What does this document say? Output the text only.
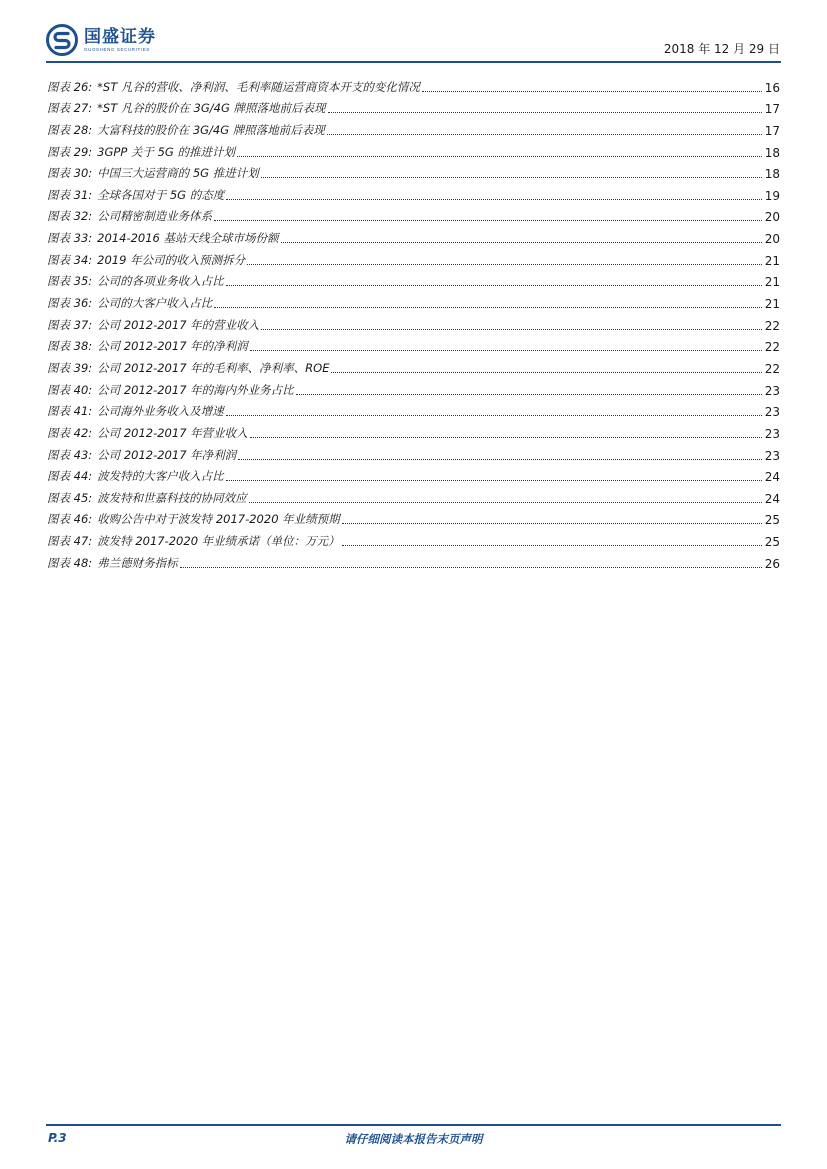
国盛证券
GUOSHENG SECURITIES	2018 年 12 月 29 日
图表 26: *ST 凡谷的营收、净利润、毛利率随运营商资本开支的变化情况	16
图表 27: *ST 凡谷的股价在 3G/4G 牌照落地前后表现	17
图表 28: 大富科技的股价在 3G/4G 牌照落地前后表现	17
图表 29: 3GPP 关于 5G 的推进计划	18
图表 30: 中国三大运营商的 5G 推进计划	18
图表 31: 全球各国对于 5G 的态度	19
图表 32: 公司精密制造业务体系	20
图表 33: 2014-2016 基站天线全球市场份额	20
图表 34: 2019 年公司的收入预测拆分	21
图表 35: 公司的各项业务收入占比	21
图表 36: 公司的大客户收入占比	21
图表 37: 公司 2012-2017 年的营业收入	22
图表 38: 公司 2012-2017 年的净利润	22
图表 39: 公司 2012-2017 年的毛利率、净利率、ROE	22
图表 40: 公司 2012-2017 年的海内外业务占比	23
图表 41: 公司海外业务收入及增速	23
图表 42: 公司 2012-2017 年营业收入	23
图表 43: 公司 2012-2017 年净利润	23
图表 44: 波发特的大客户收入占比	24
图表 45: 波发特和世嘉科技的协同效应	24
图表 46: 收购公告中对于波发特 2017-2020 年业绩预期	25
图表 47: 波发特 2017-2020 年业绩承诺（单位：万元）	25
图表 48: 弗兰德财务指标	26
P.3	请仔细阅读本报告末页声明
